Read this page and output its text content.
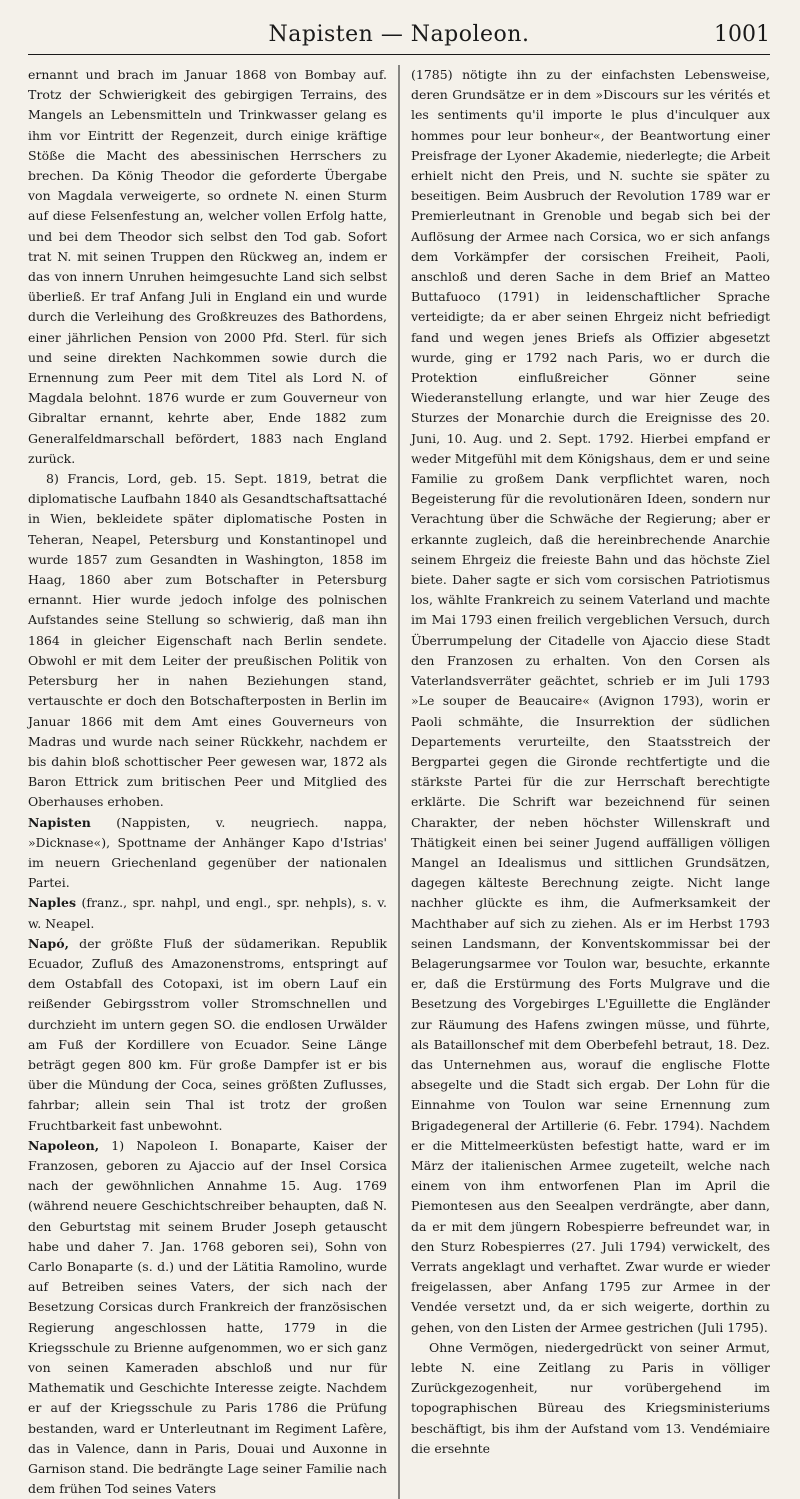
Napisten — Napoleon.	1001

ernannt und brach im Januar 1868 von Bombay auf. Trotz der Schwierigkeit des gebirgigen Terrains, des Mangels an Lebensmitteln und Trinkwasser gelang es ihm vor Eintritt der Regenzeit, durch einige kräftige Stöße die Macht des abessinischen Herrschers zu brechen. Da König Theodor die geforderte Übergabe von Magdala verweigerte, so ordnete N. einen Sturm auf diese Felsenfestung an, welcher vollen Erfolg hatte, und bei dem Theodor sich selbst den Tod gab. Sofort trat N. mit seinen Truppen den Rückweg an, indem er das von innern Unruhen heimgesuchte Land sich selbst überließ. Er traf Anfang Juli in England ein und wurde durch die Verleihung des Großkreuzes des Bathordens, einer jährlichen Pension von 2000 Pfd. Sterl. für sich und seine direkten Nachkommen sowie durch die Ernennung zum Peer mit dem Titel als Lord N. of Magdala belohnt. 1876 wurde er zum Gouverneur von Gibraltar ernannt, kehrte aber, Ende 1882 zum Generalfeldmarschall befördert, 1883 nach England zurück.

8) Francis, Lord, geb. 15. Sept. 1819, betrat die diplomatische Laufbahn 1840 als Gesandtschaftsattaché in Wien, bekleidete später diplomatische Posten in Teheran, Neapel, Petersburg und Konstantinopel und wurde 1857 zum Gesandten in Washington, 1858 im Haag, 1860 aber zum Botschafter in Petersburg ernannt. Hier wurde jedoch infolge des polnischen Aufstandes seine Stellung so schwierig, daß man ihn 1864 in gleicher Eigenschaft nach Berlin sendete. Obwohl er mit dem Leiter der preußischen Politik von Petersburg her in nahen Beziehungen stand, vertauschte er doch den Botschafterposten in Berlin im Januar 1866 mit dem Amt eines Gouverneurs von Madras und wurde nach seiner Rückkehr, nachdem er bis dahin bloß schottischer Peer gewesen war, 1872 als Baron Ettrick zum britischen Peer und Mitglied des Oberhauses erhoben.

Napisten (Nappisten, v. neugriech. nappa, »Dicknase«), Spottname der Anhänger Kapo d'Istrias' im neuern Griechenland gegenüber der nationalen Partei.

Naples (franz., spr. nahpl, und engl., spr. nehpls), s. v. w. Neapel.

Napó, der größte Fluß der südamerikan. Republik Ecuador, Zufluß des Amazonenstroms, entspringt auf dem Ostabfall des Cotopaxi, ist im obern Lauf ein reißender Gebirgsstrom voller Stromschnellen und durchzieht im untern gegen SO. die endlosen Urwälder am Fuß der Kordillere von Ecuador. Seine Länge beträgt gegen 800 km. Für große Dampfer ist er bis über die Mündung der Coca, seines größten Zuflusses, fahrbar; allein sein Thal ist trotz der großen Fruchtbarkeit fast unbewohnt.

Napoleon, 1) Napoleon I. Bonaparte, Kaiser der Franzosen, geboren zu Ajaccio auf der Insel Corsica nach der gewöhnlichen Annahme 15. Aug. 1769 (während neuere Geschichtschreiber behaupten, daß N. den Geburtstag mit seinem Bruder Joseph getauscht habe und daher 7. Jan. 1768 geboren sei), Sohn von Carlo Bonaparte (s. d.) und der Lätitia Ramolino, wurde auf Betreiben seines Vaters, der sich nach der Besetzung Corsicas durch Frankreich der französischen Regierung angeschlossen hatte, 1779 in die Kriegsschule zu Brienne aufgenommen, wo er sich ganz von seinen Kameraden abschloß und nur für Mathematik und Geschichte Interesse zeigte. Nachdem er auf der Kriegsschule zu Paris 1786 die Prüfung bestanden, ward er Unterleutnant im Regiment Lafère, das in Valence, dann in Paris, Douai und Auxonne in Garnison stand. Die bedrängte Lage seiner Familie nach dem frühen Tod seines Vaters

(1785) nötigte ihn zu der einfachsten Lebensweise, deren Grundsätze er in dem »Discours sur les vérités et les sentiments qu'il importe le plus d'inculquer aux hommes pour leur bonheur«, der Beantwortung einer Preisfrage der Lyoner Akademie, niederlegte; die Arbeit erhielt nicht den Preis, und N. suchte sie später zu beseitigen. Beim Ausbruch der Revolution 1789 war er Premierleutnant in Grenoble und begab sich bei der Auflösung der Armee nach Corsica, wo er sich anfangs dem Vorkämpfer der corsischen Freiheit, Paoli, anschloß und deren Sache in dem Brief an Matteo Buttafuoco (1791) in leidenschaftlicher Sprache verteidigte; da er aber seinen Ehrgeiz nicht befriedigt fand und wegen jenes Briefs als Offizier abgesetzt wurde, ging er 1792 nach Paris, wo er durch die Protektion einflußreicher Gönner seine Wiederanstellung erlangte, und war hier Zeuge des Sturzes der Monarchie durch die Ereignisse des 20. Juni, 10. Aug. und 2. Sept. 1792. Hierbei empfand er weder Mitgefühl mit dem Königshaus, dem er und seine Familie zu großem Dank verpflichtet waren, noch Begeisterung für die revolutionären Ideen, sondern nur Verachtung über die Schwäche der Regierung; aber er erkannte zugleich, daß die hereinbrechende Anarchie seinem Ehrgeiz die freieste Bahn und das höchste Ziel biete. Daher sagte er sich vom corsischen Patriotismus los, wählte Frankreich zu seinem Vaterland und machte im Mai 1793 einen freilich vergeblichen Versuch, durch Überrumpelung der Citadelle von Ajaccio diese Stadt den Franzosen zu erhalten. Von den Corsen als Vaterlandsverräter geächtet, schrieb er im Juli 1793 »Le souper de Beaucaire« (Avignon 1793), worin er Paoli schmähte, die Insurrektion der südlichen Departements verurteilte, den Staatsstreich der Bergpartei gegen die Gironde rechtfertigte und die stärkste Partei für die zur Herrschaft berechtigte erklärte. Die Schrift war bezeichnend für seinen Charakter, der neben höchster Willenskraft und Thätigkeit einen bei seiner Jugend auffälligen völligen Mangel an Idealismus und sittlichen Grundsätzen, dagegen kälteste Berechnung zeigte. Nicht lange nachher glückte es ihm, die Aufmerksamkeit der Machthaber auf sich zu ziehen. Als er im Herbst 1793 seinen Landsmann, der Konventskommissar bei der Belagerungsarmee vor Toulon war, besuchte, erkannte er, daß die Erstürmung des Forts Mulgrave und die Besetzung des Vorgebirges L'Eguillette die Engländer zur Räumung des Hafens zwingen müsse, und führte, als Bataillonschef mit dem Oberbefehl betraut, 18. Dez. das Unternehmen aus, worauf die englische Flotte absegelte und die Stadt sich ergab. Der Lohn für die Einnahme von Toulon war seine Ernennung zum Brigadegeneral der Artillerie (6. Febr. 1794). Nachdem er die Mittelmeerküsten befestigt hatte, ward er im März der italienischen Armee zugeteilt, welche nach einem von ihm entworfenen Plan im April die Piemontesen aus den Seealpen verdrängte, aber dann, da er mit dem jüngern Robespierre befreundet war, in den Sturz Robespierres (27. Juli 1794) verwickelt, des Verrats angeklagt und verhaftet. Zwar wurde er wieder freigelassen, aber Anfang 1795 zur Armee in der Vendée versetzt und, da er sich weigerte, dorthin zu gehen, von den Listen der Armee gestrichen (Juli 1795).

Ohne Vermögen, niedergedrückt von seiner Armut, lebte N. eine Zeitlang zu Paris in völliger Zurückgezogenheit, nur vorübergehend im topographischen Büreau des Kriegsministeriums beschäftigt, bis ihm der Aufstand vom 13. Vendémiaire die ersehnte
